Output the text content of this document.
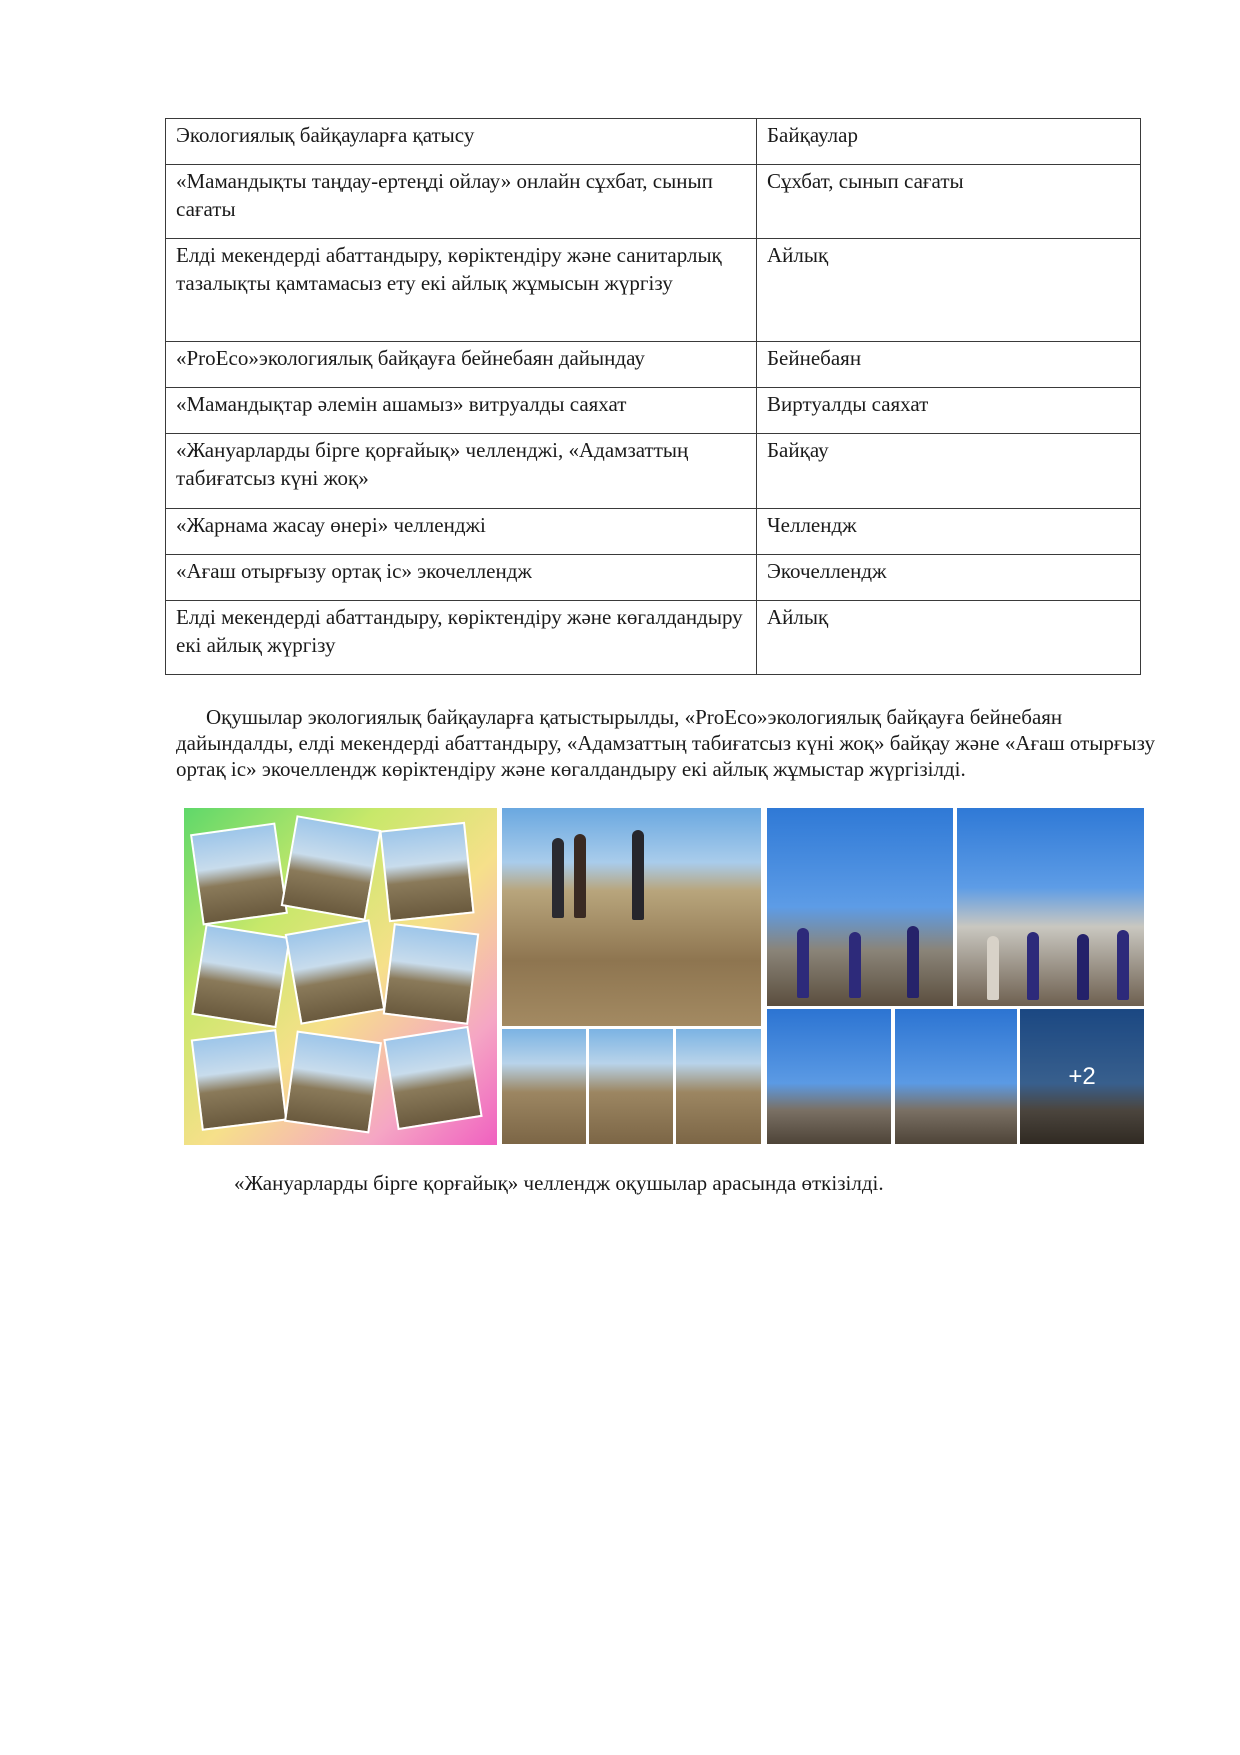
Экологиялық байқауларға қатысу	Байқаулар
«Мамандықты таңдау-ертеңді ойлау» онлайн сұхбат, сынып сағаты	Сұхбат, сынып сағаты
Елді мекендерді абаттандыру, көріктендіру және санитарлық тазалықты қамтамасыз ету екі айлық жұмысын жүргізу	Айлық
«ProEco»экологиялық байқауға бейнебаян дайындау	Бейнебаян
«Мамандықтар әлемін ашамыз» витруалды саяхат	Виртуалды саяхат
«Жануарларды бірге қорғайық» челленджі, «Адамзаттың табиғатсыз күні жоқ»	Байқау
«Жарнама жасау өнері» челленджі	Челлендж
«Ағаш отырғызу ортақ іс» экочеллендж	Экочеллендж
Елді мекендерді абаттандыру, көріктендіру және көгалдандыру екі айлық жүргізу	Айлық

Оқушылар экологиялық байқауларға қатыстырылды, «ProEco»экологиялық байқауға бейнебаян дайындалды, елді мекендерді абаттандыру, «Адамзаттың табиғатсыз күні жоқ» байқау және «Ағаш отырғызу ортақ іс» экочеллендж көріктендіру және көгалдандыру екі айлық жұмыстар жүргізілді.

+2

«Жануарларды бірге қорғайық» челлендж оқушылар арасында өткізілді.
